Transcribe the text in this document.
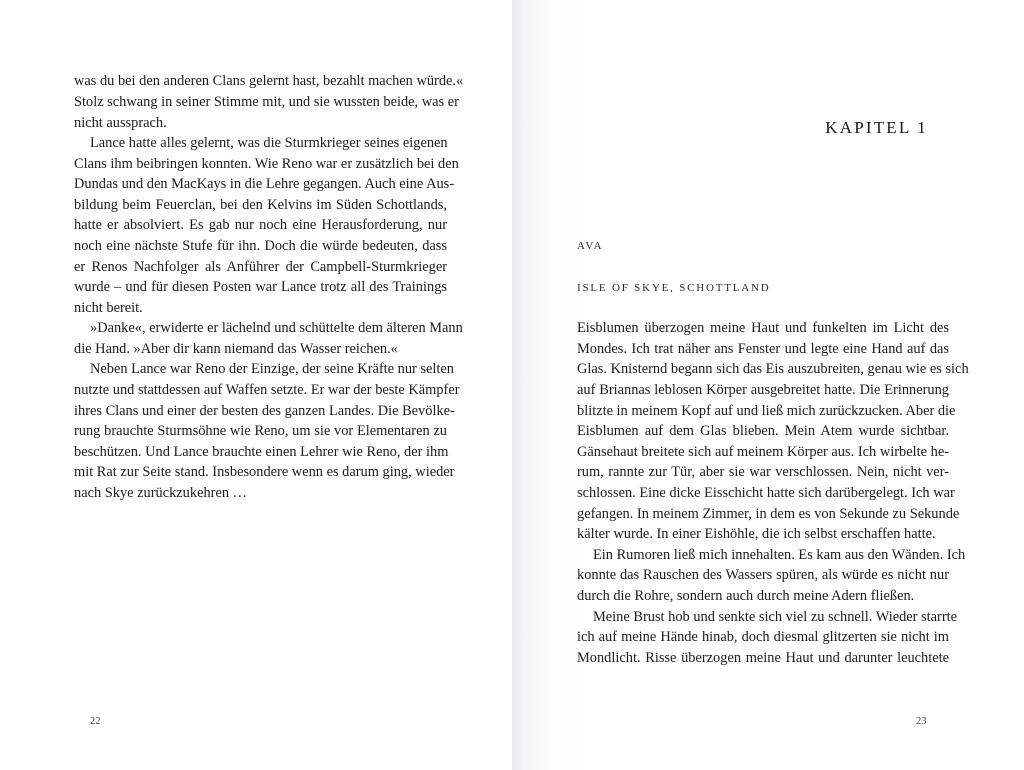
was du bei den anderen Clans gelernt hast, bezahlt machen würde.«
Stolz schwang in seiner Stimme mit, und sie wussten beide, was er
nicht aussprach.
Lance hatte alles gelernt, was die Sturmkrieger seines eigenen
Clans ihm beibringen konnten. Wie Reno war er zusätzlich bei den
Dundas und den MacKays in die Lehre gegangen. Auch eine Aus-
bildung beim Feuerclan, bei den Kelvins im Süden Schottlands,
hatte er absolviert. Es gab nur noch eine Herausforderung, nur
noch eine nächste Stufe für ihn. Doch die würde bedeuten, dass
er Renos Nachfolger als Anführer der Campbell-Sturmkrieger
wurde – und für diesen Posten war Lance trotz all des Trainings
nicht bereit.
»Danke«, erwiderte er lächelnd und schüttelte dem älteren Mann
die Hand. »Aber dir kann niemand das Wasser reichen.«
Neben Lance war Reno der Einzige, der seine Kräfte nur selten
nutzte und stattdessen auf Waffen setzte. Er war der beste Kämpfer
ihres Clans und einer der besten des ganzen Landes. Die Bevölke-
rung brauchte Sturmsöhne wie Reno, um sie vor Elementaren zu
beschützen. Und Lance brauchte einen Lehrer wie Reno, der ihm
mit Rat zur Seite stand. Insbesondere wenn es darum ging, wieder
nach Skye zurückzukehren …
22
KAPITEL 1
AVA
ISLE OF SKYE, SCHOTTLAND
Eisblumen überzogen meine Haut und funkelten im Licht des
Mondes. Ich trat näher ans Fenster und legte eine Hand auf das
Glas. Knisternd begann sich das Eis auszubreiten, genau wie es sich
auf Briannas leblosen Körper ausgebreitet hatte. Die Erinnerung
blitzte in meinem Kopf auf und ließ mich zurückzucken. Aber die
Eisblumen auf dem Glas blieben. Mein Atem wurde sichtbar.
Gänsehaut breitete sich auf meinem Körper aus. Ich wirbelte he-
rum, rannte zur Tür, aber sie war verschlossen. Nein, nicht ver-
schlossen. Eine dicke Eisschicht hatte sich darübergelegt. Ich war
gefangen. In meinem Zimmer, in dem es von Sekunde zu Sekunde
kälter wurde. In einer Eishöhle, die ich selbst erschaffen hatte.
Ein Rumoren ließ mich innehalten. Es kam aus den Wänden. Ich
konnte das Rauschen des Wassers spüren, als würde es nicht nur
durch die Rohre, sondern auch durch meine Adern fließen.
Meine Brust hob und senkte sich viel zu schnell. Wieder starrte
ich auf meine Hände hinab, doch diesmal glitzerten sie nicht im
Mondlicht. Risse überzogen meine Haut und darunter leuchtete
23
